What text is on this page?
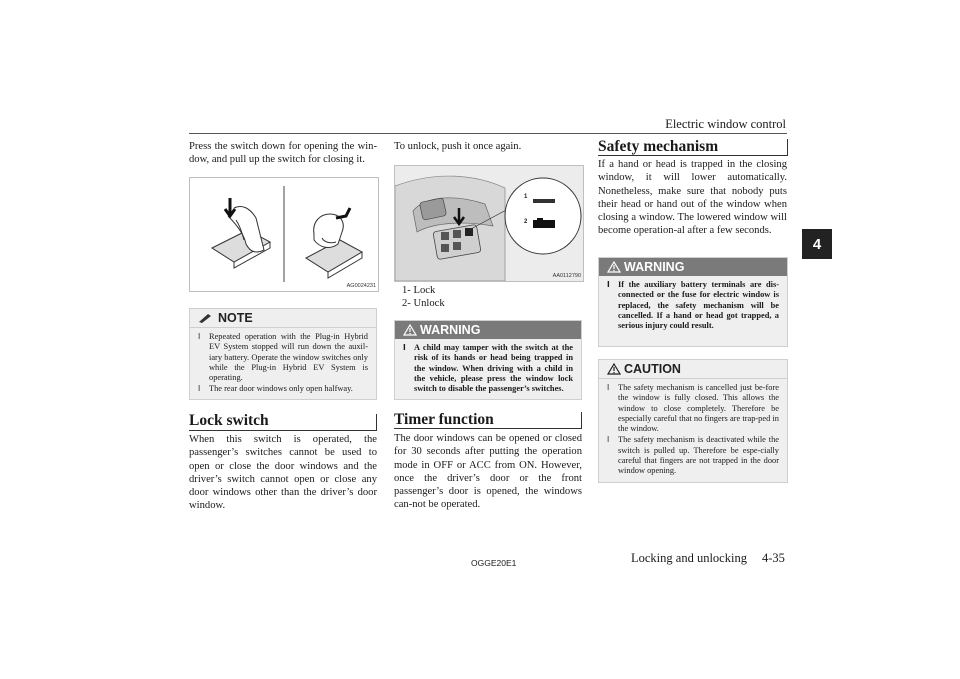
Electric window control
4

Press the switch down for opening the win-dow, and pull up the switch for closing it.

AG0024231
NOTE
l	Repeated operation with the Plug-in Hybrid EV System stopped will run down the auxil-iary battery. Operate the window switches only while the Plug-in Hybrid EV System is operating.
l	The rear door windows only open halfway.
Lock switch

When this switch is operated, the passenger’s switches cannot be used to open or close the door windows and the driver’s switch cannot open or close any door windows other than the driver’s door window.

To unlock, push it once again.

1
2
AA0112790
1- Lock
2- Unlock
WARNING
l A child may tamper with the switch at the risk of its hands or head being trapped in the window. When driving with a child in the vehicle, please press the window lock switch to disable the passenger’s switches.
Timer function

The door windows can be opened or closed for 30 seconds after putting the operation mode in OFF or ACC from ON. However, once the driver’s door or the front passenger’s door is opened, the windows can-not be operated.

Safety mechanism

If a hand or head is trapped in the closing window, it will lower automatically. Nonetheless, make sure that nobody puts their head or hand out of the window when closing a window. The lowered window will become operation-al after a few seconds.

WARNING
l If the auxiliary battery terminals are dis-connected or the fuse for electric window is replaced, the safety mechanism will be cancelled. If a hand or head got trapped, a serious injury could result.
CAUTION
l	The safety mechanism is cancelled just be-fore the window is fully closed. This allows the window to close completely. Therefore be especially careful that no fingers are trap-ped in the window.
l	The safety mechanism is deactivated while the switch is pulled up. Therefore be espe-cially careful that fingers are not trapped in the door window opening.
OGGE20E1	Locking and unlocking 4-35
